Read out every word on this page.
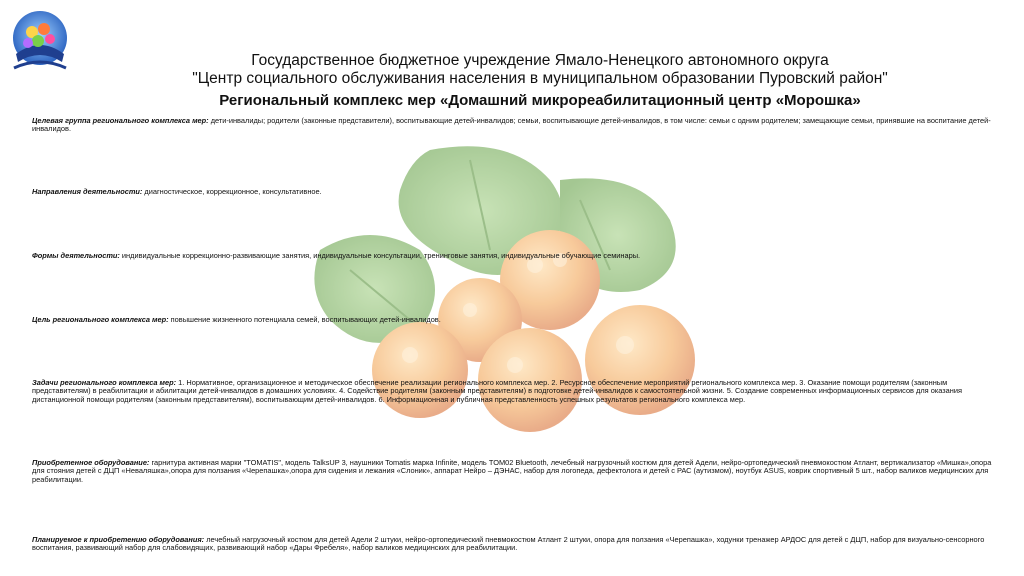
Государственное бюджетное учреждение Ямало-Ненецкого автономного округа
"Центр социального обслуживания населения в муниципальном образовании Пуровский район"
Региональный комплекс мер «Домашний микрореабилитационный центр «Морошка»
Целевая группа регионального комплекса мер: дети-инвалиды; родители (законные представители), воспитывающие детей-инвалидов; семьи, воспитывающие детей-инвалидов, в том числе: семьи с одним родителем; замещающие семьи, принявшие на воспитание детей-инвалидов.
Направления деятельности: диагностическое, коррекционное, консультативное.
Формы деятельности: индивидуальные коррекционно-развивающие занятия, индивидуальные консультации, тренинговые занятия, индивидуальные обучающие семинары.
Цель регионального комплекса мер: повышение жизненного потенциала семей, воспитывающих детей-инвалидов.
Задачи регионального комплекса мер: 1. Нормативное, организационное и методическое обеспечение реализации регионального комплекса мер. 2. Ресурсное обеспечение мероприятий регионального комплекса мер. 3. Оказание помощи родителям (законным представителям) в реабилитации и абилитации детей-инвалидов в домашних условиях. 4. Содействие родителям (законным представителям) в подготовке детей-инвалидов к самостоятельной жизни. 5. Создание современных информационных сервисов для оказания дистанционной помощи родителям (законным представителям), воспитывающим детей-инвалидов. 6. Информационная и публичная представленность успешных результатов регионального комплекса мер.
Приобретенное оборудование: гарнитура активная марки "TOMATIS", модель TalksUP 3, наушники Tomatis марка Infinite, модель TOM02 Bluetooth, лечебный нагрузочный костюм для детей Адели, нейро-ортопедический пневмокостюм Атлант, вертикализатор «Мишка»,опора для стояния детей с ДЦП «Неваляшка»,опора для ползания «Черепашка»,опора для сидения и лежания «Слоник», аппарат Нейро – ДЭНАС, набор для логопеда, дефектолога и детей с РАС (аутизмом), ноутбук ASUS, коврик спортивный 5 шт., набор валиков медицинских для реабилитации.
Планируемое к приобретению оборудования: лечебный нагрузочный костюм для детей Адели 2 штуки, нейро-ортопедический пневмокостюм Атлант 2 штуки, опора для ползания «Черепашка», ходунки тренажер АРДОС для детей с ДЦП, набор для визуально-сенсорного воспитания, развивающий набор для слабовидящих, развивающий набор «Дары Фребеля», набор валиков медицинских для реабилитации.
